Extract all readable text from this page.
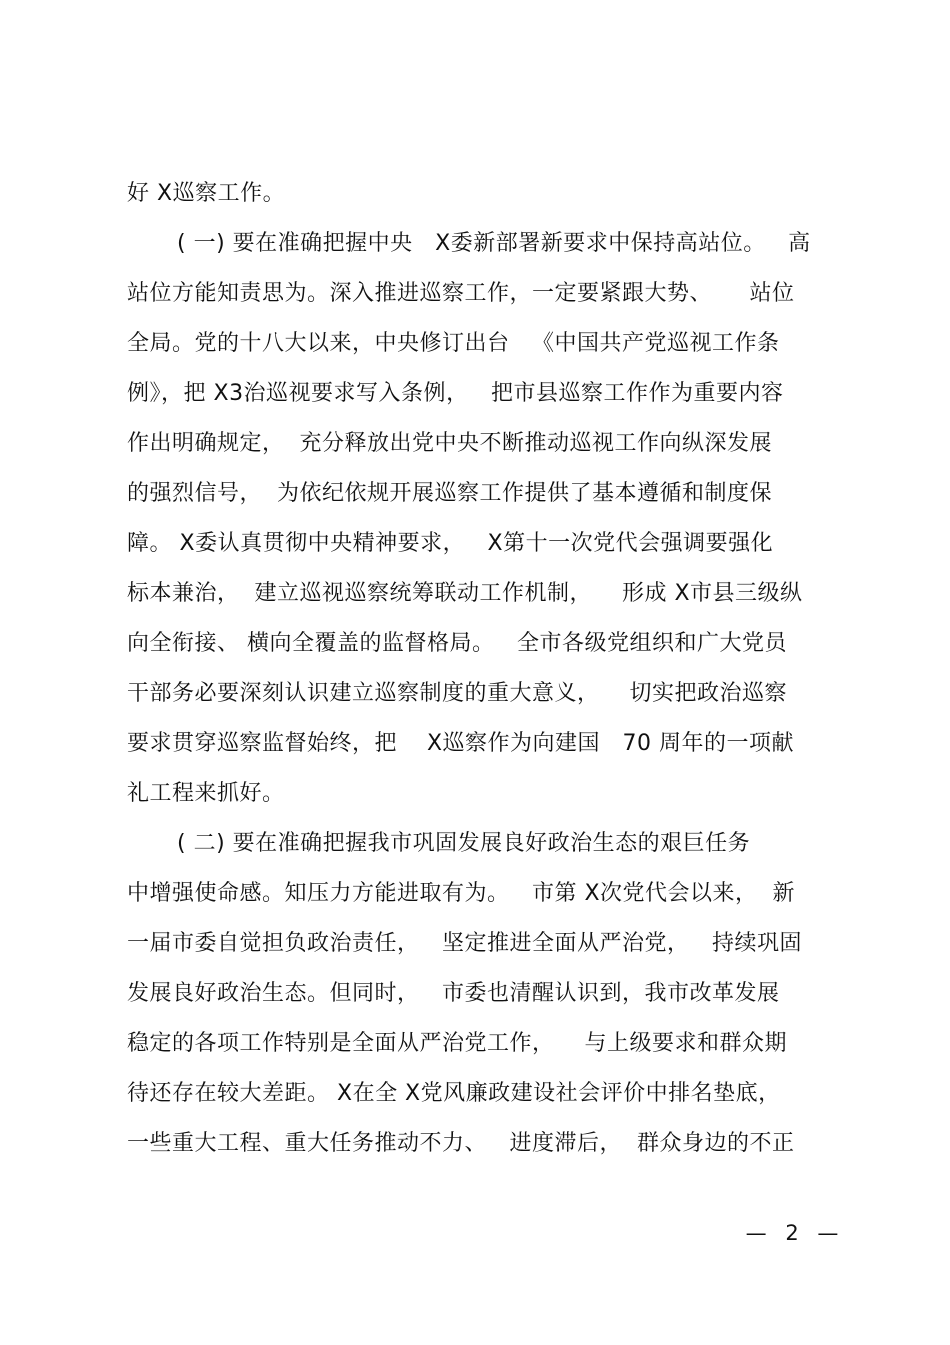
好 X巡察工作。
( 一) 要在准确把握中央   X委新部署新要求中保持高站位。   高
站位方能知责思为。深入推进巡察工作，一定要紧跟大势、     站位
全局。党的十八大以来，中央修订出台   《中国共产党巡视工作条
例》，把 X3治巡视要求写入条例，   把市县巡察工作作为重要内容
作出明确规定，  充分释放出党中央不断推动巡视工作向纵深发展
的强烈信号，  为依纪依规开展巡察工作提供了基本遵循和制度保
障。 X委认真贯彻中央精神要求，   X第十一次党代会强调要强化
标本兼治，  建立巡视巡察统筹联动工作机制，    形成 X市县三级纵
向全衔接、 横向全覆盖的监督格局。   全市各级党组织和广大党员
干部务必要深刻认识建立巡察制度的重大意义，    切实把政治巡察
要求贯穿巡察监督始终，把    X巡察作为向建国   70 周年的一项献
礼工程来抓好。
( 二) 要在准确把握我市巩固发展良好政治生态的艰巨任务
中增强使命感。知压力方能进取有为。   市第 X次党代会以来，  新
一届市委自觉担负政治责任，   坚定推进全面从严治党，   持续巩固
发展良好政治生态。但同时，   市委也清醒认识到，我市改革发展
稳定的各项工作特别是全面从严治党工作，    与上级要求和群众期
待还存在较大差距。 X在全 X党风廉政建设社会评价中排名垫底，
一些重大工程、重大任务推动不力、   进度滞后，  群众身边的不正
— 2 —
